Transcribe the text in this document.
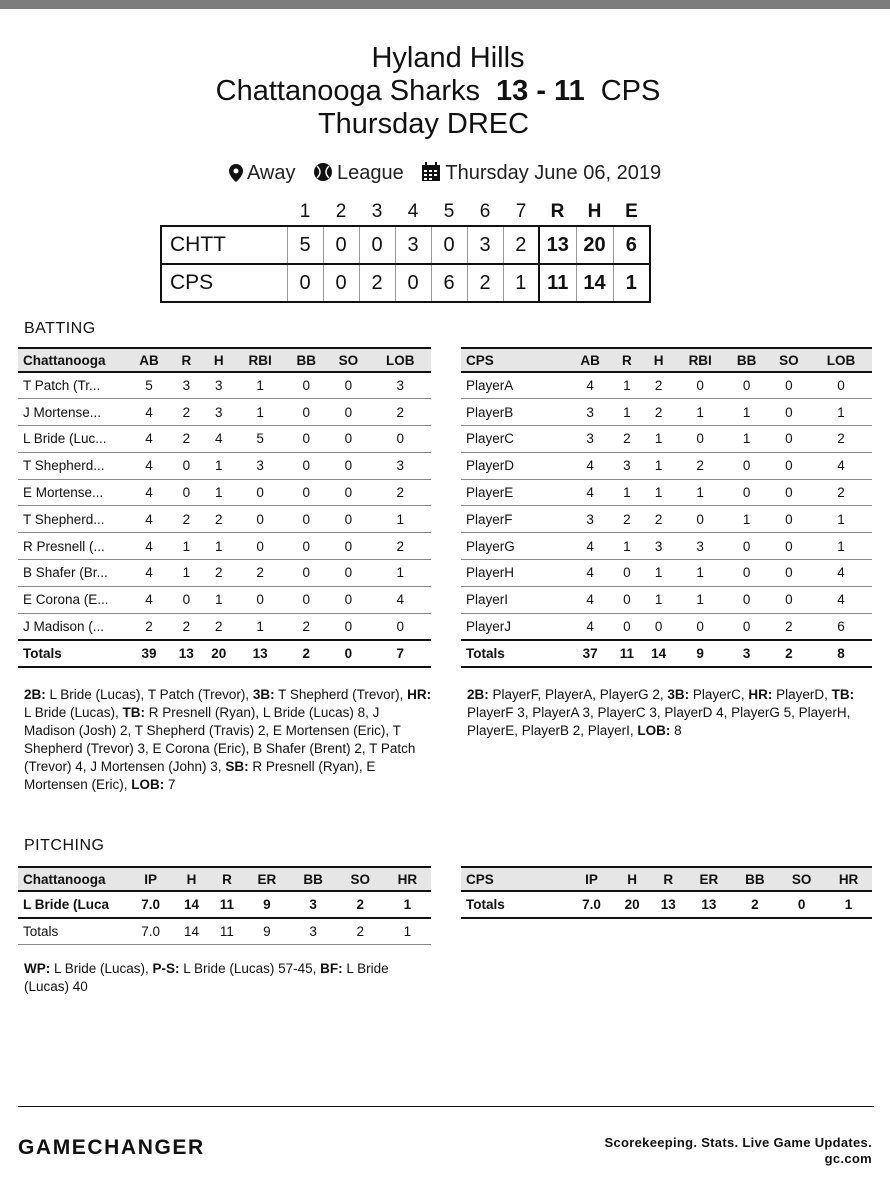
Hyland Hills
Chattanooga Sharks 13 - 11 CPS
Thursday DREC
Away League Thursday June 06, 2019
	1	2	3	4	5	6	7	R	H	E
CHTT	5	0	0	3	0	3	2	13	20	6
CPS	0	0	2	0	6	2	1	11	14	1
BATTING
Chattanooga	AB	R	H	RBI	BB	SO	LOB
T Patch (Tr...	5	3	3	1	0	0	3
J Mortense...	4	2	3	1	0	0	2
L Bride (Luc...	4	2	4	5	0	0	0
T Shepherd...	4	0	1	3	0	0	3
E Mortense...	4	0	1	0	0	0	2
T Shepherd...	4	2	2	0	0	0	1
R Presnell (...	4	1	1	0	0	0	2
B Shafer (Br...	4	1	2	2	0	0	1
E Corona (E...	4	0	1	0	0	0	4
J Madison (...	2	2	2	1	2	0	0
Totals	39	13	20	13	2	0	7
CPS	AB	R	H	RBI	BB	SO	LOB
PlayerA	4	1	2	0	0	0	0
PlayerB	3	1	2	1	1	0	1
PlayerC	3	2	1	0	1	0	2
PlayerD	4	3	1	2	0	0	4
PlayerE	4	1	1	1	0	0	2
PlayerF	3	2	2	0	1	0	1
PlayerG	4	1	3	3	0	0	1
PlayerH	4	0	1	1	0	0	4
PlayerI	4	0	1	1	0	0	4
PlayerJ	4	0	0	0	0	2	6
Totals	37	11	14	9	3	2	8
2B: L Bride (Lucas), T Patch (Trevor), 3B: T Shepherd (Trevor), HR: L Bride (Lucas), TB: R Presnell (Ryan), L Bride (Lucas) 8, J Madison (Josh) 2, T Shepherd (Travis) 2, E Mortensen (Eric), T Shepherd (Trevor) 3, E Corona (Eric), B Shafer (Brent) 2, T Patch (Trevor) 4, J Mortensen (John) 3, SB: R Presnell (Ryan), E Mortensen (Eric), LOB: 7
2B: PlayerF, PlayerA, PlayerG 2, 3B: PlayerC, HR: PlayerD, TB: PlayerF 3, PlayerA 3, PlayerC 3, PlayerD 4, PlayerG 5, PlayerH, PlayerE, PlayerB 2, PlayerI, LOB: 8
PITCHING
Chattanooga	IP	H	R	ER	BB	SO	HR
L Bride (Luca	7.0	14	11	9	3	2	1
Totals	7.0	14	11	9	3	2	1
CPS	IP	H	R	ER	BB	SO	HR
Totals	7.0	20	13	13	2	0	1
WP: L Bride (Lucas), P-S: L Bride (Lucas) 57-45, BF: L Bride (Lucas) 40
GAMECHANGER	Scorekeeping. Stats. Live Game Updates.
gc.com
